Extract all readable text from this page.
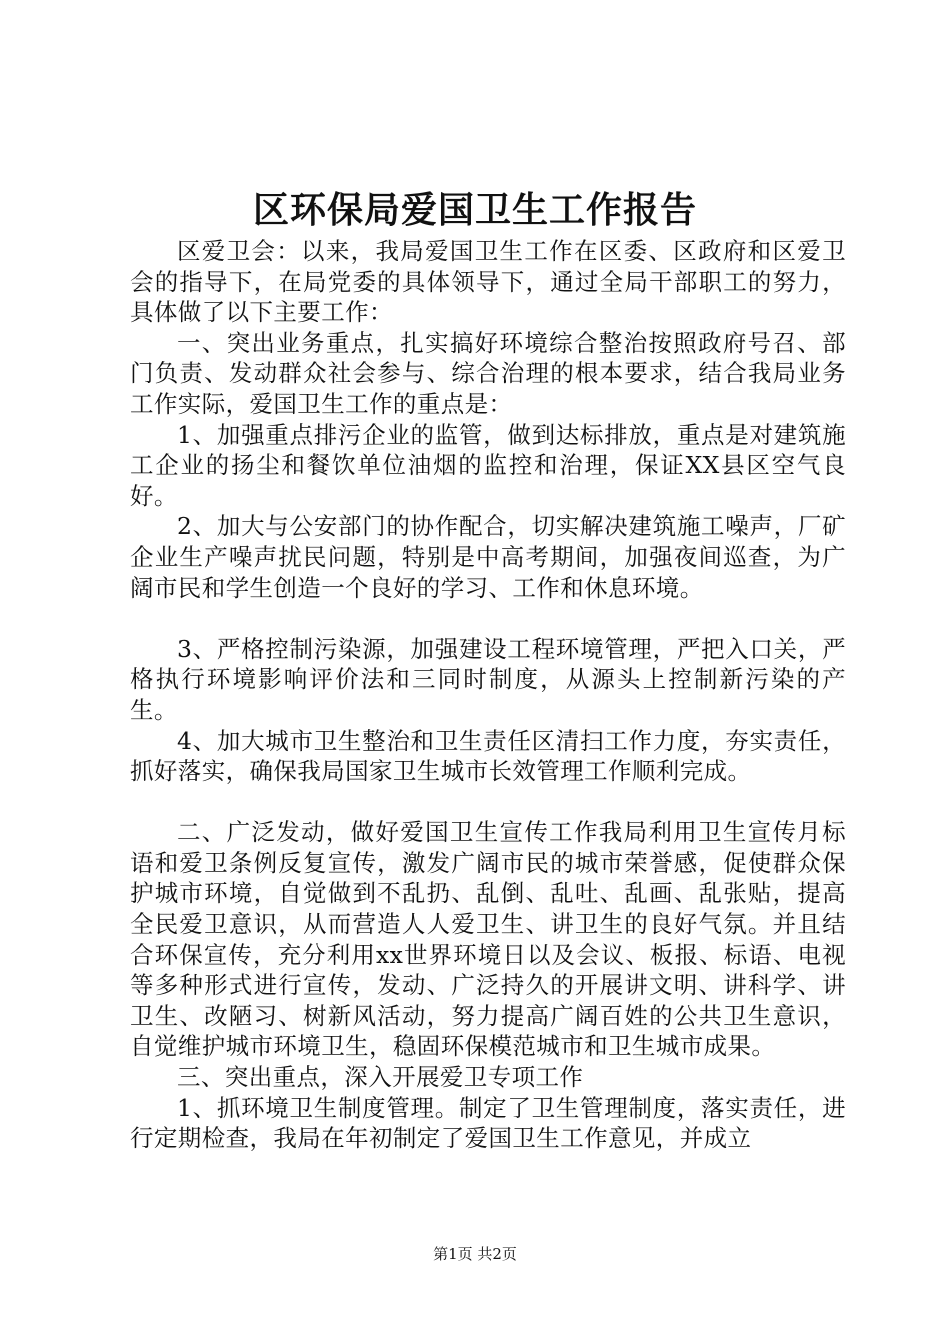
区环保局爱国卫生工作报告

区爱卫会：以来，我局爱国卫生工作在区委、区政府和区爱卫会的指导下，在局党委的具体领导下，通过全局干部职工的努力，具体做了以下主要工作：

一、突出业务重点，扎实搞好环境综合整治按照政府号召、部门负责、发动群众社会参与、综合治理的根本要求，结合我局业务工作实际，爱国卫生工作的重点是：

1、加强重点排污企业的监管，做到达标排放，重点是对建筑施工企业的扬尘和餐饮单位油烟的监控和治理，保证XX县区空气良好。

2、加大与公安部门的协作配合，切实解决建筑施工噪声，厂矿企业生产噪声扰民问题，特别是中高考期间，加强夜间巡查，为广阔市民和学生创造一个良好的学习、工作和休息环境。

3、严格控制污染源，加强建设工程环境管理，严把入口关，严格执行环境影响评价法和三同时制度，从源头上控制新污染的产生。

4、加大城市卫生整治和卫生责任区清扫工作力度，夯实责任，抓好落实，确保我局国家卫生城市长效管理工作顺利完成。

二、广泛发动，做好爱国卫生宣传工作我局利用卫生宣传月标语和爱卫条例反复宣传，激发广阔市民的城市荣誉感，促使群众保护城市环境，自觉做到不乱扔、乱倒、乱吐、乱画、乱张贴，提高全民爱卫意识，从而营造人人爱卫生、讲卫生的良好气氛。并且结合环保宣传，充分利用xx世界环境日以及会议、板报、标语、电视等多种形式进行宣传，发动、广泛持久的开展讲文明、讲科学、讲卫生、改陋习、树新风活动，努力提高广阔百姓的公共卫生意识，自觉维护城市环境卫生，稳固环保模范城市和卫生城市成果。

三、突出重点，深入开展爱卫专项工作

1、抓环境卫生制度管理。制定了卫生管理制度，落实责任，进行定期检查，我局在年初制定了爱国卫生工作意见，并成立

第1页 共2页
